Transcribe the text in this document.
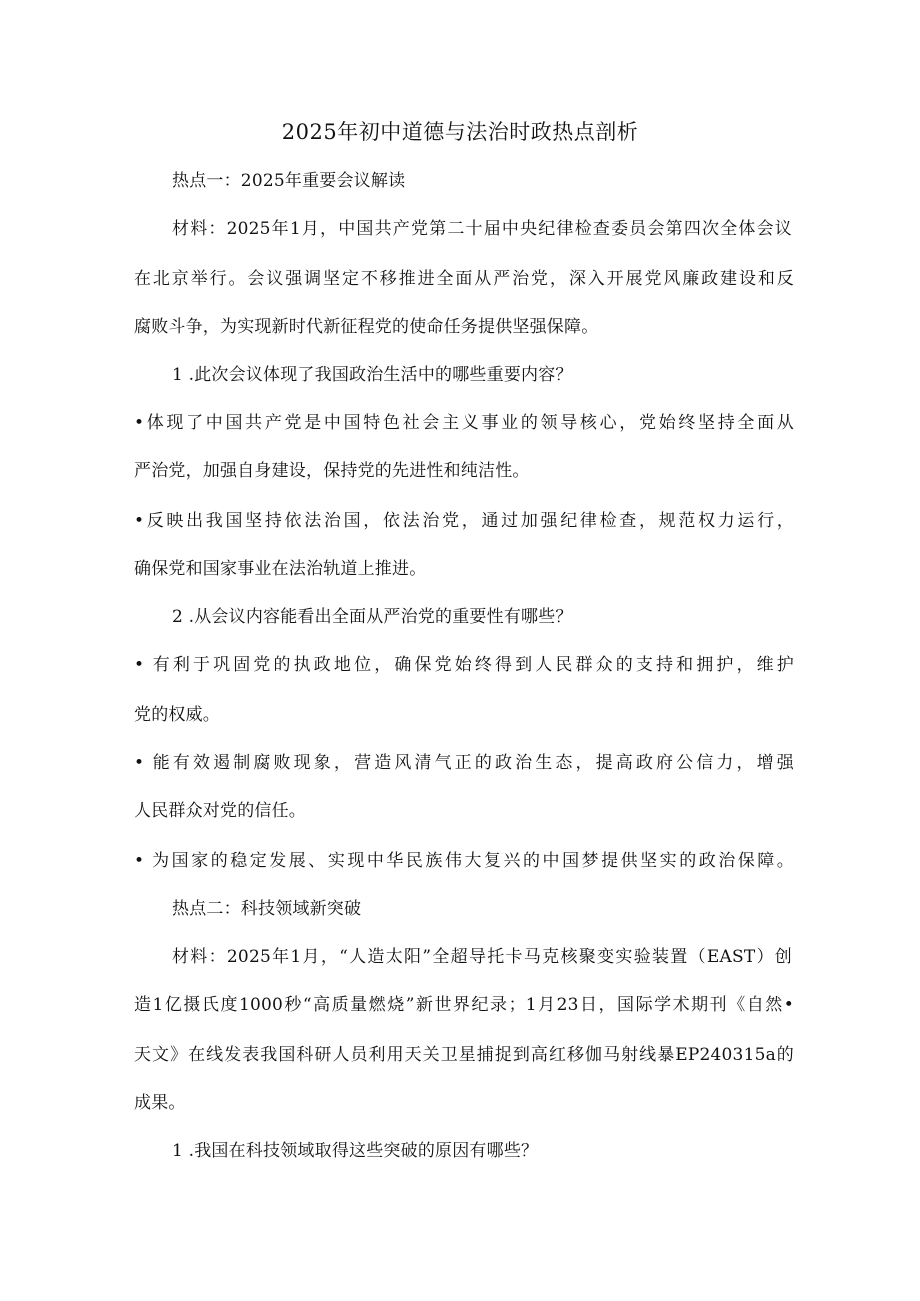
2025年初中道德与法治时政热点剖析
热点一：2025年重要会议解读
材料：2025年1月，中国共产党第二十届中央纪律检查委员会第四次全体会议
在北京举行。会议强调坚定不移推进全面从严治党，深入开展党风廉政建设和反
腐败斗争，为实现新时代新征程党的使命任务提供坚强保障。
1 .此次会议体现了我国政治生活中的哪些重要内容？
•体现了中国共产党是中国特色社会主义事业的领导核心，党始终坚持全面从
严治党，加强自身建设，保持党的先进性和纯洁性。
•反映出我国坚持依法治国，依法治党，通过加强纪律检查，规范权力运行，
确保党和国家事业在法治轨道上推进。
2 .从会议内容能看出全面从严治党的重要性有哪些？
• 有利于巩固党的执政地位，确保党始终得到人民群众的支持和拥护，维护
党的权威。
• 能有效遏制腐败现象，营造风清气正的政治生态，提高政府公信力，增强
人民群众对党的信任。
• 为国家的稳定发展、实现中华民族伟大复兴的中国梦提供坚实的政治保障。
热点二：科技领域新突破
材料：2025年1月，“人造太阳”全超导托卡马克核聚变实验装置（EAST）创
造1亿摄氏度1000秒“高质量燃烧”新世界纪录；1月23日，国际学术期刊《自然•
天文》在线发表我国科研人员利用天关卫星捕捉到高红移伽马射线暴EP240315a的
成果。
1 .我国在科技领域取得这些突破的原因有哪些？
